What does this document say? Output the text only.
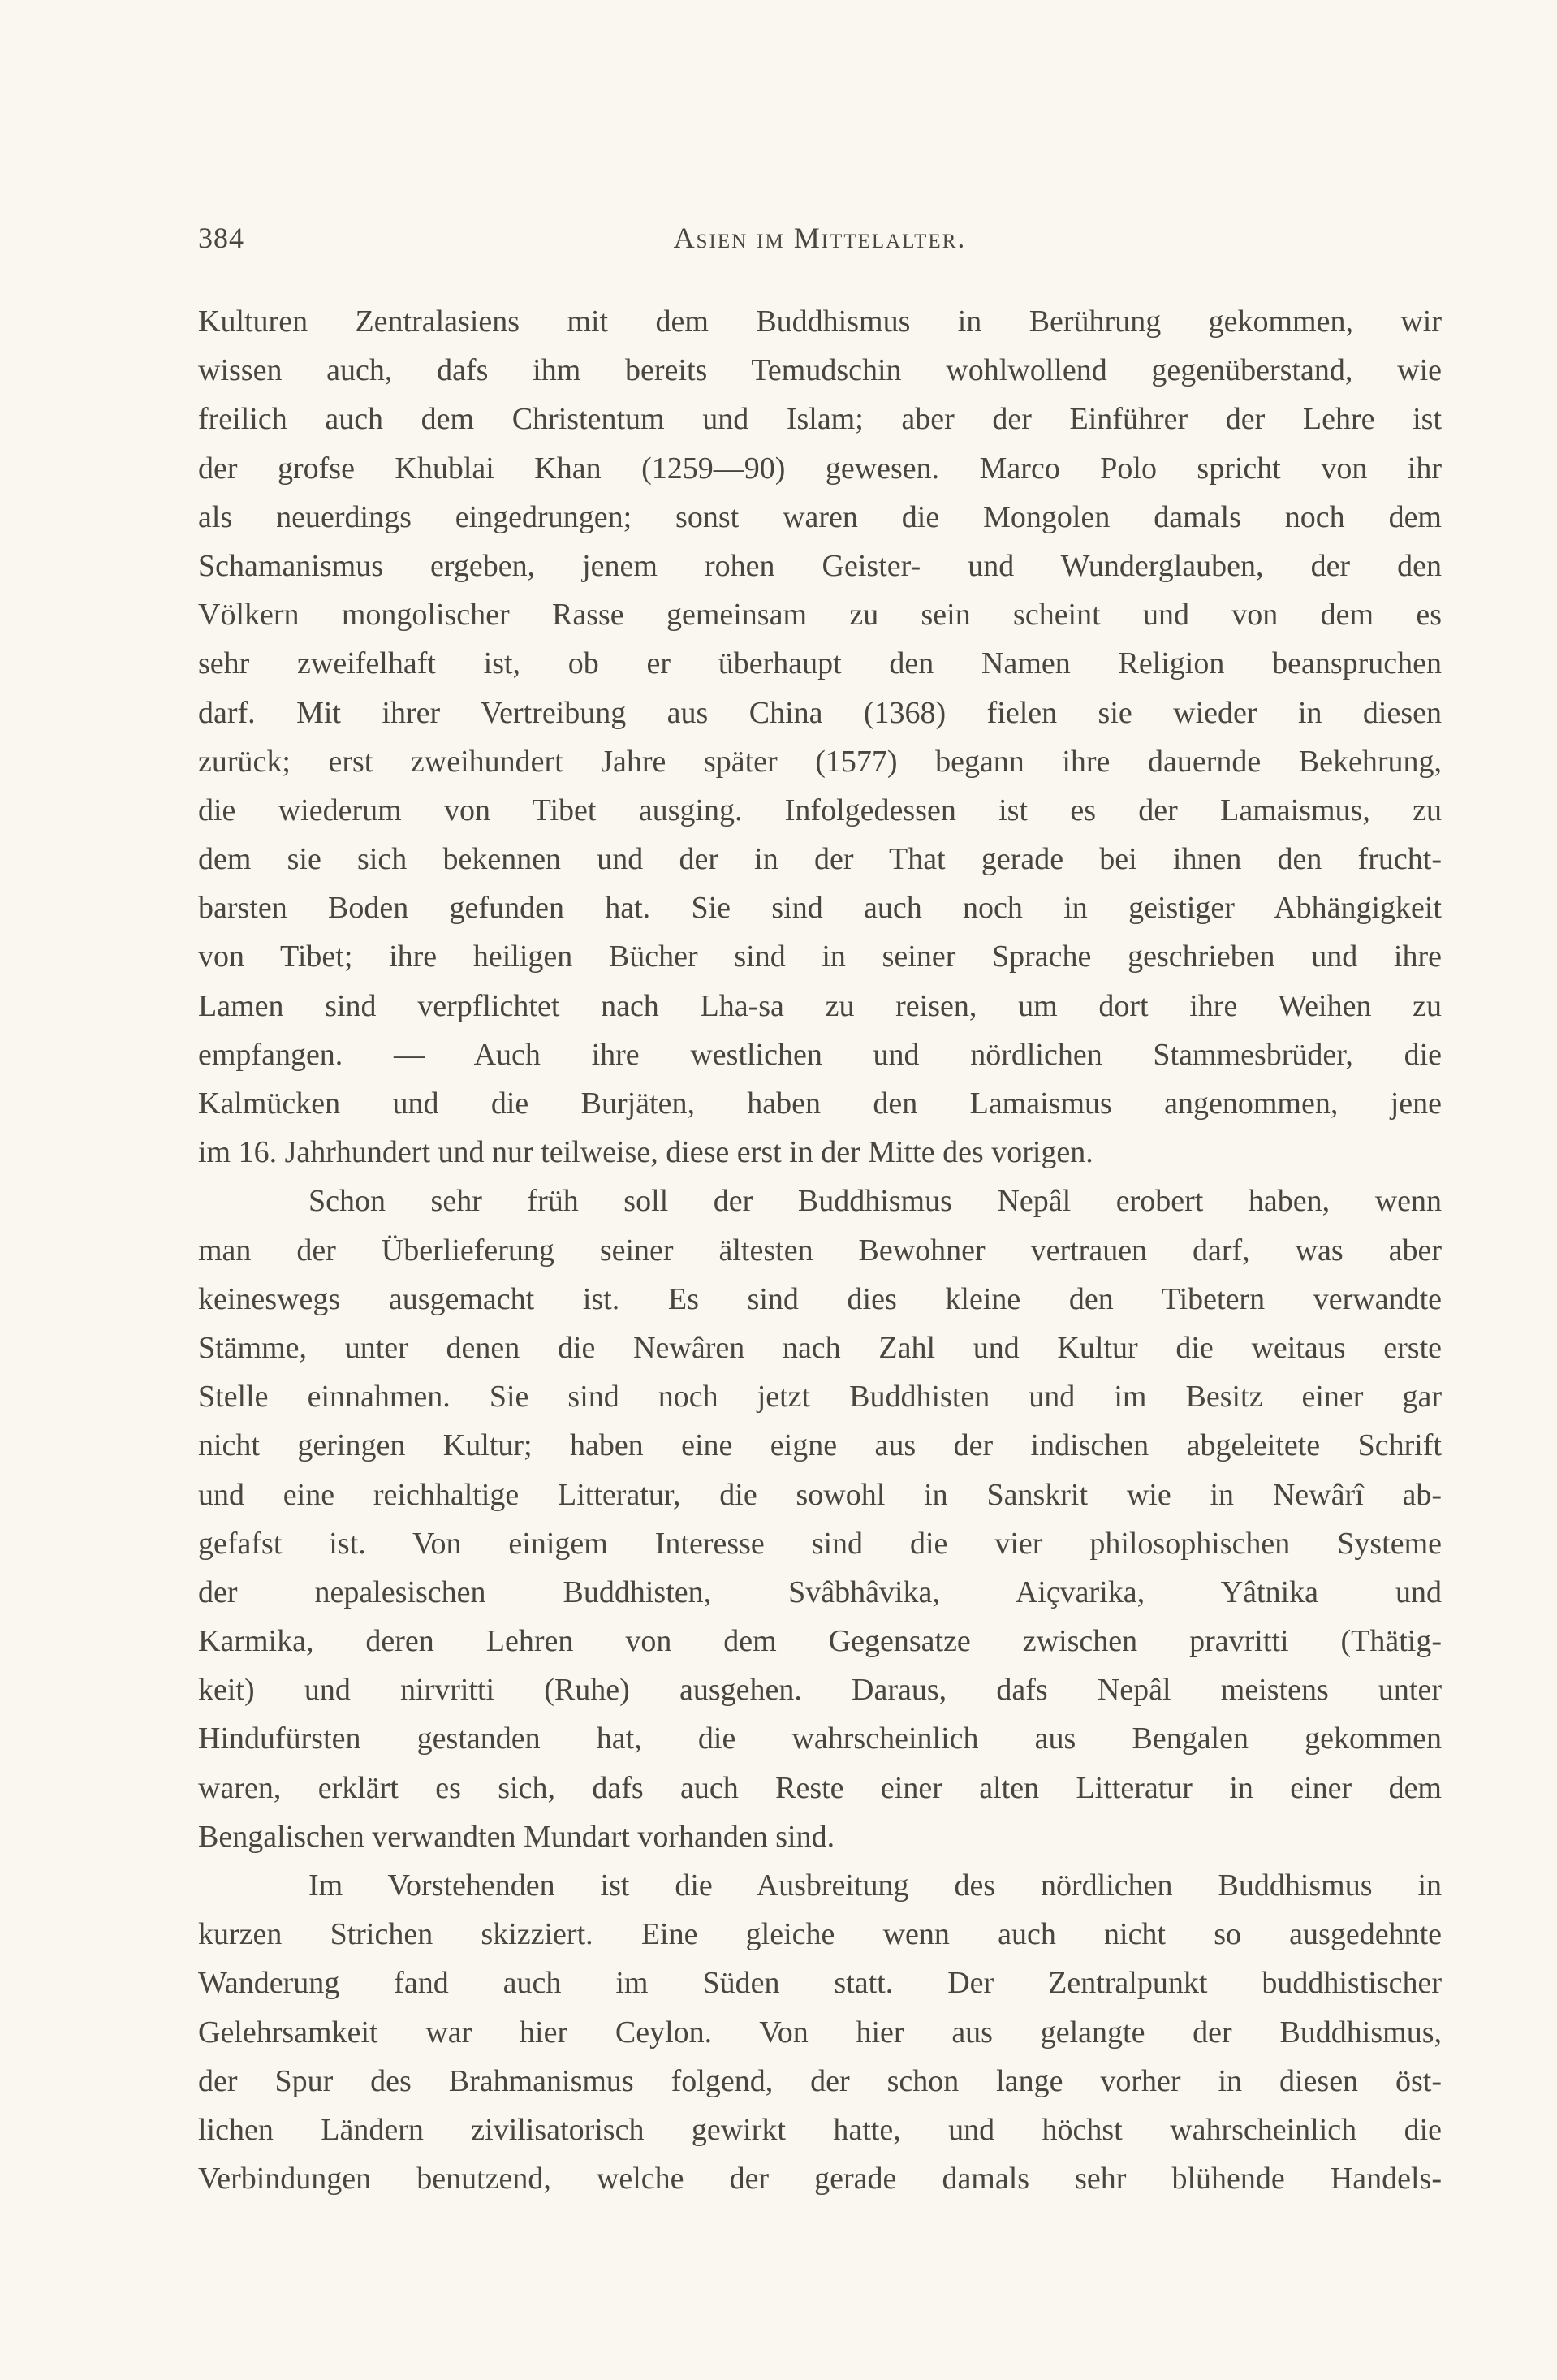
384	Asien im Mittelalter.
Kulturen Zentralasiens mit dem Buddhismus in Berührung gekommen, wir
wissen auch, dafs ihm bereits Temudschin wohlwollend gegenüberstand, wie
freilich auch dem Christentum und Islam; aber der Einführer der Lehre ist
der grofse Khublai Khan (1259—90) gewesen. Marco Polo spricht von ihr
als neuerdings eingedrungen; sonst waren die Mongolen damals noch dem
Schamanismus ergeben, jenem rohen Geister- und Wunderglauben, der den
Völkern mongolischer Rasse gemeinsam zu sein scheint und von dem es
sehr zweifelhaft ist, ob er überhaupt den Namen Religion beanspruchen
darf. Mit ihrer Vertreibung aus China (1368) fielen sie wieder in diesen
zurück; erst zweihundert Jahre später (1577) begann ihre dauernde Bekehrung,
die wiederum von Tibet ausging. Infolgedessen ist es der Lamaismus, zu
dem sie sich bekennen und der in der That gerade bei ihnen den frucht-
barsten Boden gefunden hat. Sie sind auch noch in geistiger Abhängigkeit
von Tibet; ihre heiligen Bücher sind in seiner Sprache geschrieben und ihre
Lamen sind verpflichtet nach Lha-sa zu reisen, um dort ihre Weihen zu
empfangen. — Auch ihre westlichen und nördlichen Stammesbrüder, die
Kalmücken und die Burjäten, haben den Lamaismus angenommen, jene
im 16. Jahrhundert und nur teilweise, diese erst in der Mitte des vorigen.
Schon sehr früh soll der Buddhismus Nepâl erobert haben, wenn
man der Überlieferung seiner ältesten Bewohner vertrauen darf, was aber
keineswegs ausgemacht ist. Es sind dies kleine den Tibetern verwandte
Stämme, unter denen die Newâren nach Zahl und Kultur die weitaus erste
Stelle einnahmen. Sie sind noch jetzt Buddhisten und im Besitz einer gar
nicht geringen Kultur; haben eine eigne aus der indischen abgeleitete Schrift
und eine reichhaltige Litteratur, die sowohl in Sanskrit wie in Newârî ab-
gefafst ist. Von einigem Interesse sind die vier philosophischen Systeme
der nepalesischen Buddhisten, Svâbhâvika, Aiçvarika, Yâtnika und
Karmika, deren Lehren von dem Gegensatze zwischen pravritti (Thätig-
keit) und nirvritti (Ruhe) ausgehen. Daraus, dafs Nepâl meistens unter
Hindufürsten gestanden hat, die wahrscheinlich aus Bengalen gekommen
waren, erklärt es sich, dafs auch Reste einer alten Litteratur in einer dem
Bengalischen verwandten Mundart vorhanden sind.
Im Vorstehenden ist die Ausbreitung des nördlichen Buddhismus in
kurzen Strichen skizziert. Eine gleiche wenn auch nicht so ausgedehnte
Wanderung fand auch im Süden statt. Der Zentralpunkt buddhistischer
Gelehrsamkeit war hier Ceylon. Von hier aus gelangte der Buddhismus,
der Spur des Brahmanismus folgend, der schon lange vorher in diesen öst-
lichen Ländern zivilisatorisch gewirkt hatte, und höchst wahrscheinlich die
Verbindungen benutzend, welche der gerade damals sehr blühende Handels-
